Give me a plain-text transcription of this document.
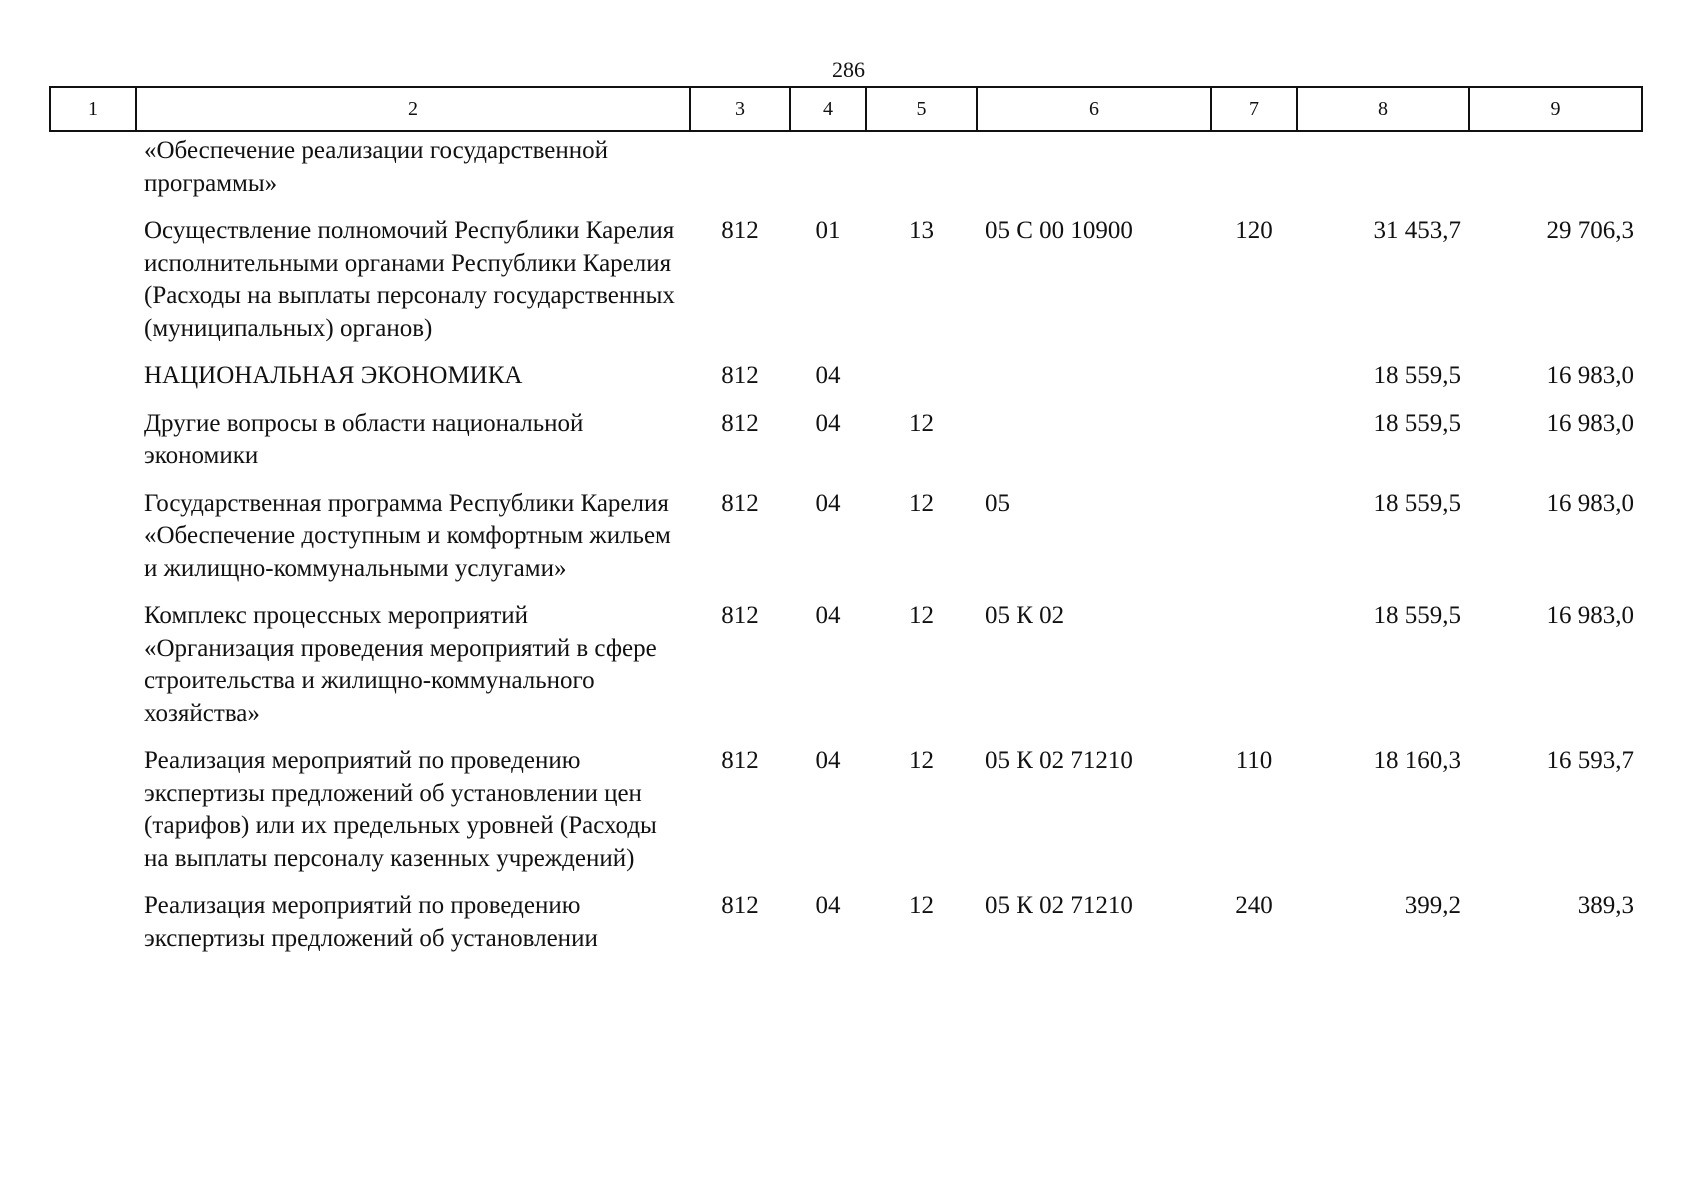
286
1	2	3	4	5	6	7	8	9
	«Обеспечение реализации государственной программы»							
	Осуществление полномочий Республики Карелия исполнительными органами Республики Карелия (Расходы на выплаты персоналу государственных (муниципальных) органов)	812	01	13	05 С 00 10900	120	31 453,7	29 706,3
	НАЦИОНАЛЬНАЯ ЭКОНОМИКА	812	04				18 559,5	16 983,0
	Другие вопросы в области национальной экономики	812	04	12			18 559,5	16 983,0
	Государственная программа Республики Карелия «Обеспечение доступным и комфортным жильем и жилищно-коммунальными услугами»	812	04	12	05		18 559,5	16 983,0
	Комплекс процессных мероприятий «Организация проведения мероприятий в сфере строительства и жилищно-коммунального хозяйства»	812	04	12	05 К 02		18 559,5	16 983,0
	Реализация мероприятий по проведению экспертизы предложений об установлении цен (тарифов) или их предельных уровней (Расходы на выплаты персоналу казенных учреждений)	812	04	12	05 К 02 71210	110	18 160,3	16 593,7
	Реализация мероприятий по проведению экспертизы предложений об установлении	812	04	12	05 К 02 71210	240	399,2	389,3
